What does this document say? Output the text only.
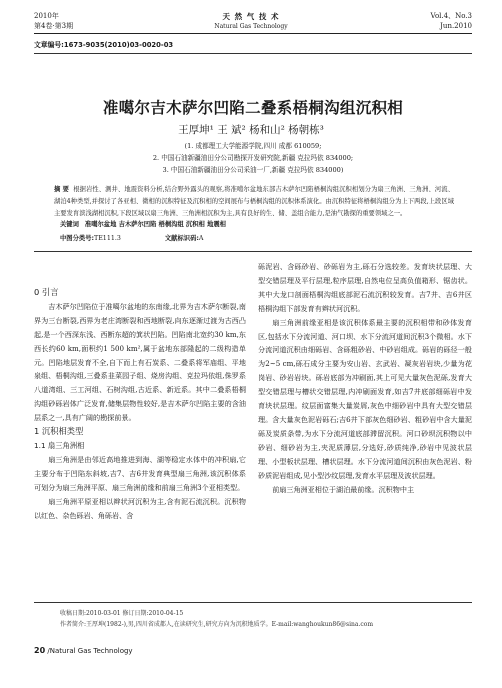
2010年
第4卷·第3期
天 然 气 技 术
Natural Gas Technology
Vol.4、No.3
Jun.2010
文章编号:1673-9035(2010)03-0020-03
准噶尔吉木萨尔凹陷二叠系梧桐沟组沉积相
王厚坤¹ 王 斌² 杨和山² 杨朝栋³
(1. 成都理工大学能源学院,四川 成都 610059;
2. 中国石油新疆油田分公司勘探开发研究院,新疆 克拉玛依 834000;
3. 中国石油新疆油田分公司采油一厂,新疆 克拉玛依 834000)
摘 要 根据岩性、测井、地震资料分析,结合野外露头的观察,将准噶尔盆地东部吉木萨尔凹陷梧桐沟组沉积相划分为扇三角洲、三角洲、河流、湖泊4种类型,并探讨了各亚相、微相的沉积特征及沉积相的空间展布与梧桐沟组的沉积体系演化。由沉积特征将梧桐沟组分为上下两段,上段区域主要发育滨浅湖相沉积,下段区域以扇三角洲、三角洲相沉积为主,具有良好的生、储、盖组合能力,是油气勘探的重要领域之一。
关键词 准噶尔盆地 吉木萨尔凹陷 梧桐沟组 沉积相 地震相
中图分类号:TE111.3	文献标识码:A

0 引言

吉木萨尔凹陷位于准噶尔盆地的东南缘,北界为吉木萨尔断裂,南界为三台断裂,西界为老庄湾断裂和西地断裂,向东逐渐过渡为古西凸起,是一个西深东浅、西断东超的箕状凹陷。凹陷南北宽约30 km,东西长约60 km,面积约1 500 km²,属于盆地东部隆起的二级构造单元。凹陷地层发育不全,自下而上有石炭系、二叠系将军庙组、平地泉组、梧桐沟组,三叠系韭菜园子组、烧房沟组、克拉玛依组,侏罗系八道湾组、三工河组、石树沟组,古近系、新近系。其中二叠系梧桐沟组砂砾岩体广泛发育,储集层物性较好,是吉木萨尔凹陷主要的含油层系之一,具有广阔的勘探前景。

1 沉积相类型

1.1 扇三角洲相

扇三角洲是由邻近高地推进到海、湖等稳定水体中的冲积扇,它主要分布于凹陷东斜坡,吉7、吉6井发育典型扇三角洲,该沉积体系可划分为扇三角洲平原、扇三角洲前缘和前扇三角洲3个亚相类型。

扇三角洲平原亚相以辫状河沉积为主,含有泥石流沉积。沉积物以红色、杂色砾岩、角砾岩、含

砾泥岩、含砾砂岩、砂砾岩为主,砾石分选较差。发育块状层理、大型交错层理及平行层理,粒序层理,自然电位呈高负值箱形、锯齿状。其中大龙口剖面梧桐沟组底部泥石流沉积较发育。吉7井、吉6井区梧桐沟组下部发育有辫状河沉积。

扇三角洲前缘亚相是该沉积体系最主要的沉积相带和砂体发育区,包括水下分流河道、河口坝、水下分流河道间沉积3个微相。水下分流河道沉积由细砾岩、含砾粗砂岩、中砂岩组成。砾岩的砾径一般为2~5 cm,砾石成分主要为安山岩、玄武岩、凝灰岩岩块,少量为花岗岩、砂岩岩块。砾岩底部为冲刷面,其上可见大量灰色泥砾,发育大型交错层理与槽状交错层理,内冲刷面发育,如吉7井底部细砾岩中发育块状层理。纹层面富集大量炭屑,灰色中细砂岩中具有大型交错层理。含大量灰色泥岩砾石;吉6井下部灰色细砂岩、粗砂岩中含大量泥砾及炭质条带,为水下分流河道底部滞留沉积。河口砂坝沉积物以中砂岩、细砂岩为主,夹泥质薄层,分选好,砂质纯净,砂岩中见波状层理、小型板状层理、槽状层理。水下分流河道间沉积由灰色泥岩、粉砂质泥岩组成,见小型沙纹层理,发育水平层理及波状层理。

前扇三角洲亚相位于湖泊最前缘。沉积物中主

收稿日期:2010-03-01 修订日期:2010-04-15
作者简介:王厚坤(1982-),男,四川省成都人,在读研究生,研究方向为沉积地质学。E-mail:wanghoukun86@sina.com
20 /Natural Gas Technology
